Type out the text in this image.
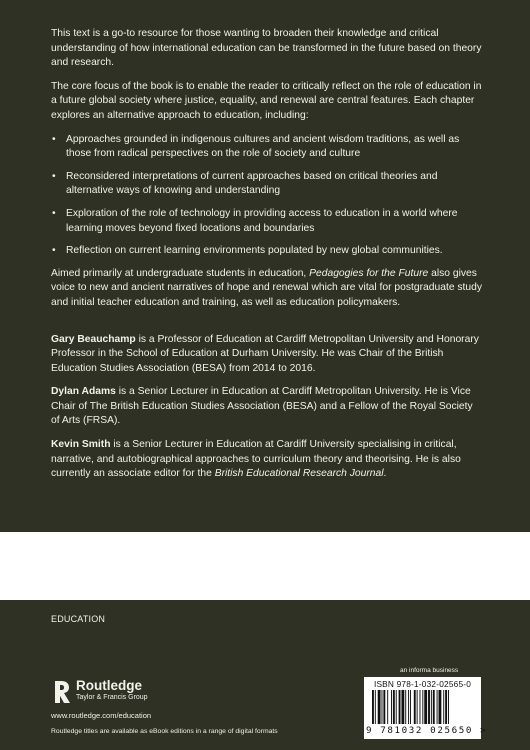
This text is a go-to resource for those wanting to broaden their knowledge and critical understanding of how international education can be transformed in the future based on theory and research.

The core focus of the book is to enable the reader to critically reflect on the role of education in a future global society where justice, equality, and renewal are central features. Each chapter explores an alternative approach to education, including:

• Approaches grounded in indigenous cultures and ancient wisdom traditions, as well as those from radical perspectives on the role of society and culture
• Reconsidered interpretations of current approaches based on critical theories and alternative ways of knowing and understanding
• Exploration of the role of technology in providing access to education in a world where learning moves beyond fixed locations and boundaries
• Reflection on current learning environments populated by new global communities.

Aimed primarily at undergraduate students in education, Pedagogies for the Future also gives voice to new and ancient narratives of hope and renewal which are vital for postgraduate study and initial teacher education and training, as well as education policymakers.

Gary Beauchamp is a Professor of Education at Cardiff Metropolitan University and Honorary Professor in the School of Education at Durham University. He was Chair of the British Education Studies Association (BESA) from 2014 to 2016.

Dylan Adams is a Senior Lecturer in Education at Cardiff Metropolitan University. He is Vice Chair of The British Education Studies Association (BESA) and a Fellow of the Royal Society of Arts (FRSA).

Kevin Smith is a Senior Lecturer in Education at Cardiff University specialising in critical, narrative, and autobiographical approaches to curriculum theory and theorising. He is also currently an associate editor for the British Educational Research Journal.

EDUCATION
Routledge
Taylor & Francis Group
www.routledge.com/education
Routledge titles are available as eBook editions in a range of digital formats
an informa business
ISBN 978-1-032-02565-0
9 781032 025650 >
